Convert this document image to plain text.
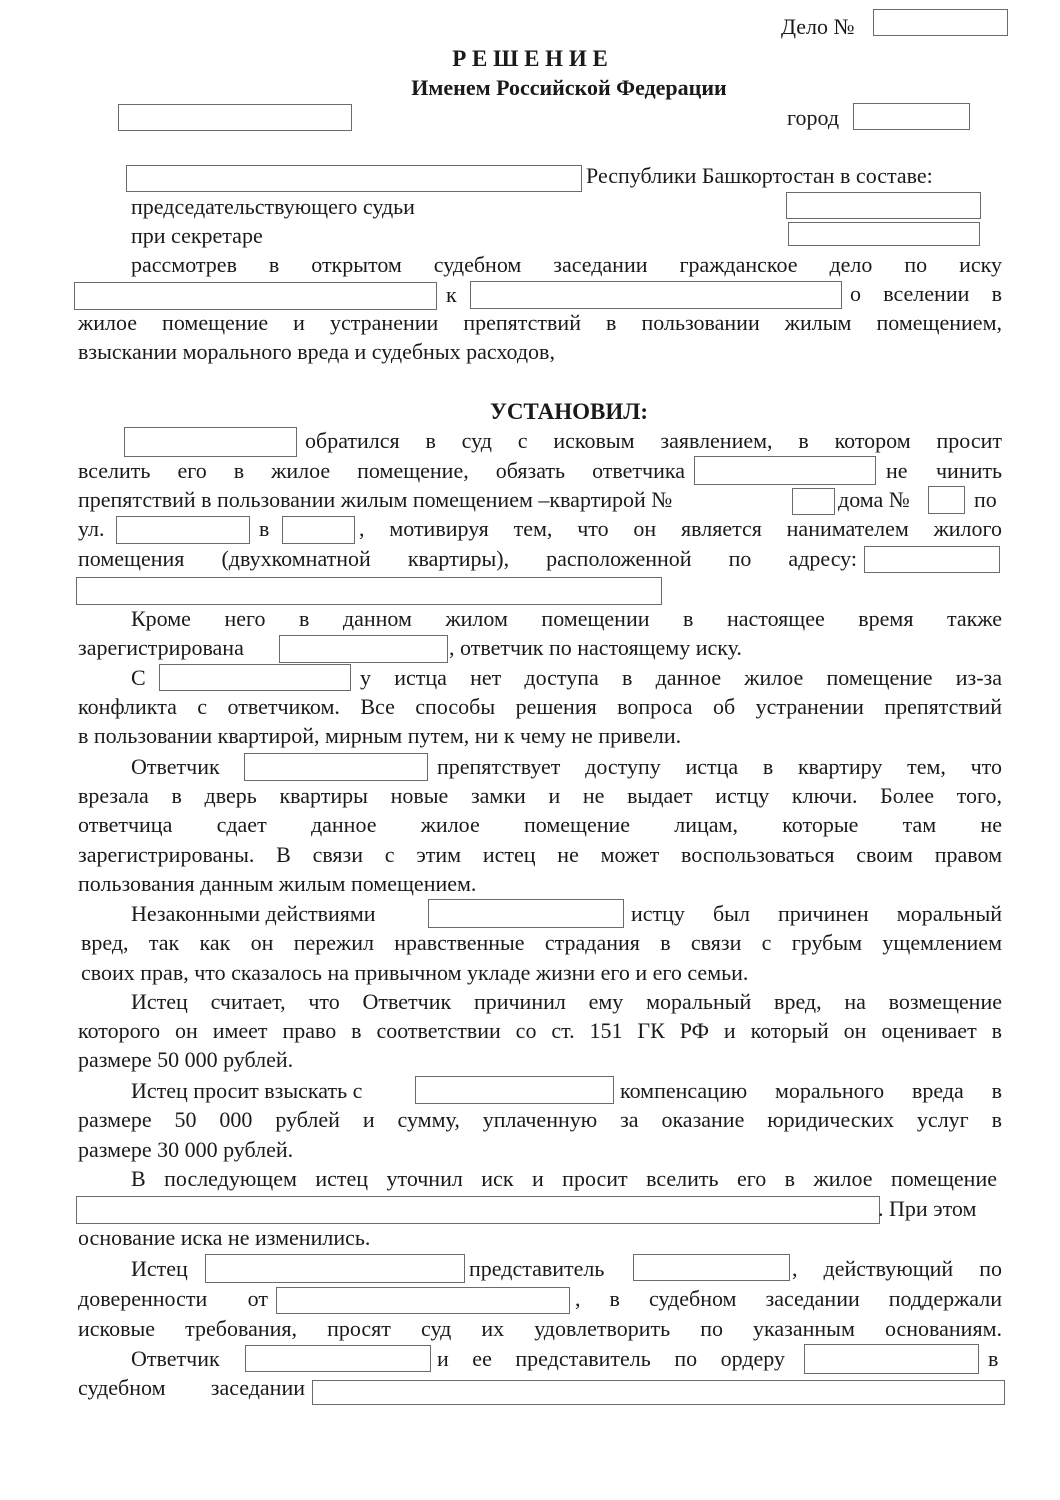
Дело №
Р Е Ш Е Н И Е
Именем Российской Федерации
город
Республики Башкортостан в составе:
председательствующего судьи
при секретаре
рассмотрев в открытом судебном заседании гражданское дело по иску
к	о вселении в
жилое помещение и устранении препятствий в пользовании жилым помещением,
взыскании морального вреда и судебных расходов,
УСТАНОВИЛ:
обратился в суд с исковым заявлением, в котором просит
вселить его в жилое помещение, обязать ответчика	не чинить
препятствий в пользовании жилым помещением –квартирой №	дома №	по
ул.	в	, мотивируя тем, что он является нанимателем жилого
помещения (двухкомнатной квартиры), расположенной по адресу:
Кроме него в данном жилом помещении в настоящее время также
зарегистрирована	, ответчик по настоящему иску.
С	у истца нет доступа в данное жилое помещение из-за
конфликта с ответчиком. Все способы решения вопроса об устранении препятствий
в пользовании квартирой, мирным путем, ни к чему не привели.
Ответчик	препятствует доступу истца в квартиру тем, что
врезала в дверь квартиры новые замки и не выдает истцу ключи. Более того,
ответчица сдает данное жилое помещение лицам, которые там не
зарегистрированы. В связи с этим истец не может воспользоваться своим правом
пользования данным жилым помещением.
Незаконными действиями	истцу был причинен моральный
вред, так как он пережил нравственные страдания в связи с грубым ущемлением
своих прав, что сказалось на привычном укладе жизни его и его семьи.
Истец считает, что Ответчик причинил ему моральный вред, на возмещение
которого он имеет право в соответствии со ст. 151 ГК РФ и который он оценивает в
размере 50 000 рублей.
Истец просит взыскать с	компенсацию морального вреда в
размере 50 000 рублей и сумму, уплаченную за оказание юридических услуг в
размере 30 000 рублей.
В последующем истец уточнил иск и просит вселить его в жилое помещение
. При этом
основание иска не изменились.
Истец	представитель	, действующий по
доверенности от	, в судебном заседании поддержали
исковые требования, просят суд их удовлетворить по указанным основаниям.
Ответчик	и ее представитель по ордеру	в
судебном заседании
